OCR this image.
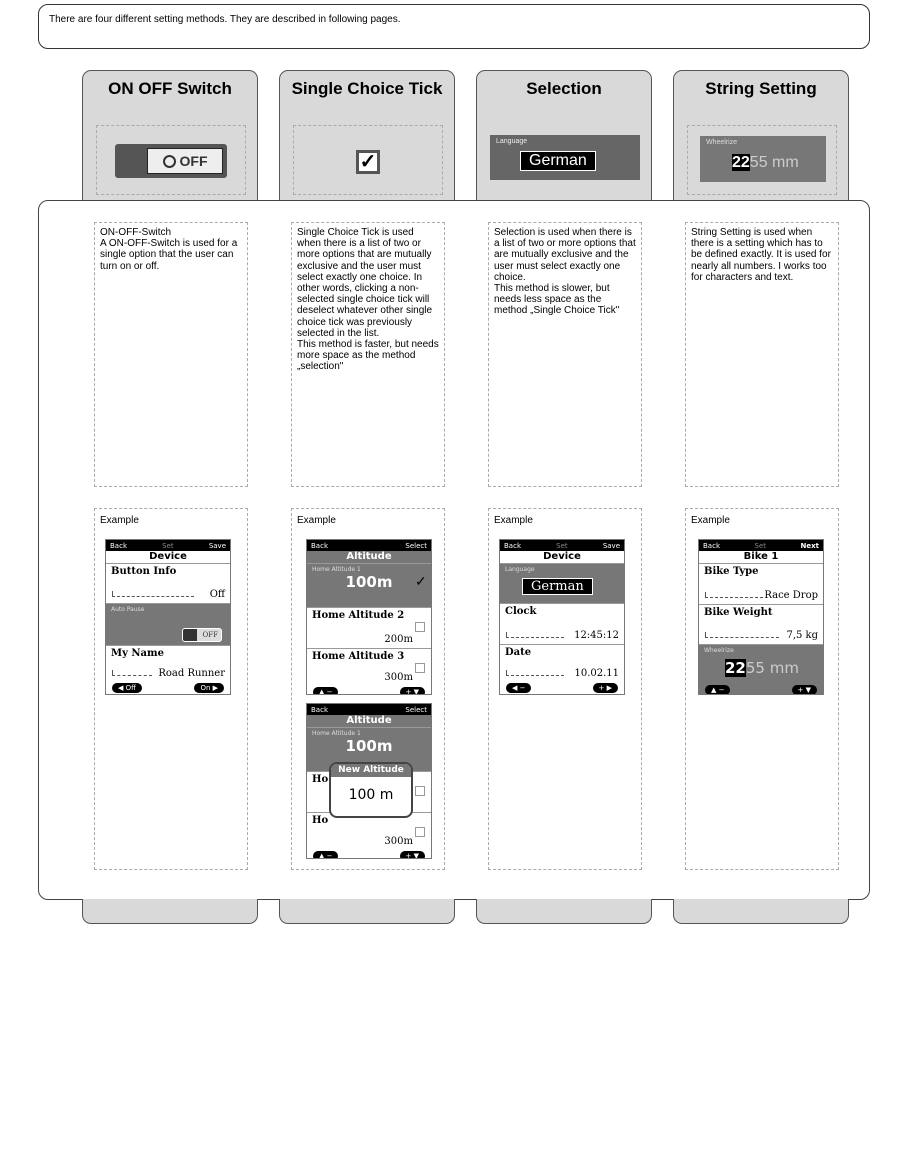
There are four different setting methods. They are described in following pages.
ON OFF Switch
OFF
Single Choice Tick
✓
Selection
Language
German
String Setting
Wheelrize
2255 mm
ON-OFF-Switch
A ON-OFF-Switch is used for a single option that the user can turn on or off.
Single Choice Tick is used when there is a list of two or more options that are mutually exclusive and the user must select exactly one choice. In other words, clicking a non-selected single choice tick will deselect whatever other single choice tick was previously selected in the list.
This method is faster, but needs more space as the method „selection"
Selection is used when there is a list of two or more options that are mutually exclusive and the user must select exactly one choice.
This method is slower, but needs less space as the method „Single Choice Tick"
String Setting is used when there is a setting which has to be defined exactly. It is used for nearly all numbers. I works too for characters and text.
Example
Back	Set	Save
Device
Button Info
Off
Auto Pause
OFF
My Name
Road Runner
◀ Off	On ▶
Example
Back	Select
Altitude
Home Altitude 1
100m	✓
Home Altitude 2
200m
Home Altitude 3
300m
▲ −	+ ▼
Back	Select
Altitude
Home Altitude 1
100m
Ho
Ho
300m
▲ −	+ ▼
New Altitude
100 m
Example
Back	Set	Save
Device
Language
German
Clock
12:45:12
Date
10.02.11
◀ −	+ ▶
Example
Back	Set	Next
Bike 1
Bike Type
Race Drop
Bike Weight
7,5 kg
Wheelrize
2255 mm
▲ −	+ ▼
